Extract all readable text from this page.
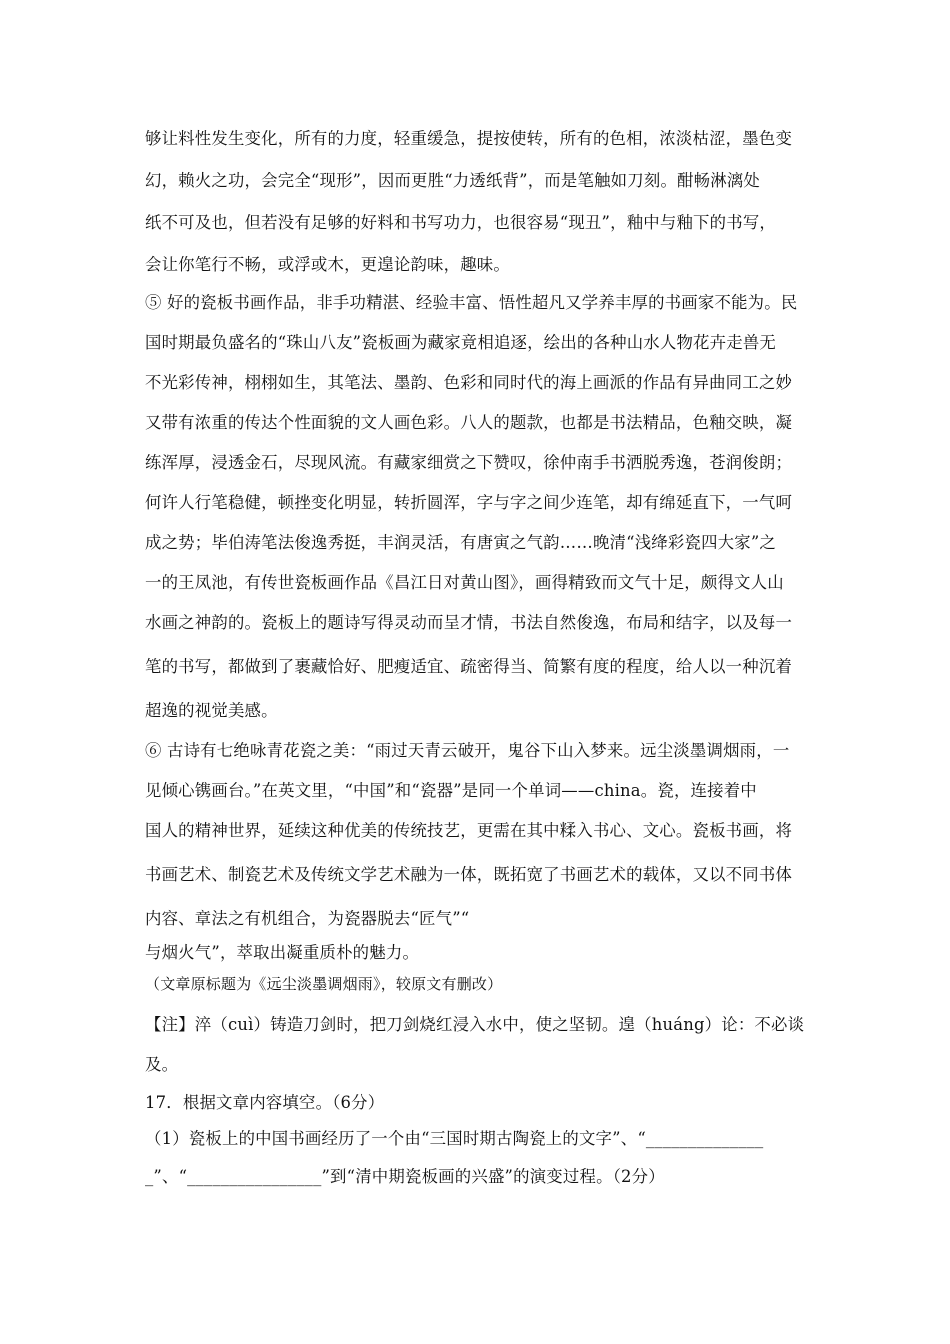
够让料性发生变化，所有的力度，轻重缓急，提按使转，所有的色相，浓淡枯涩，墨色变
幻，赖火之功，会完全“现形”，因而更胜“力透纸背”，而是笔触如刀刻。酣畅淋漓处
纸不可及也，但若没有足够的好料和书写功力，也很容易“现丑”，釉中与釉下的书写，
会让你笔行不畅，或浮或木，更遑论韵味，趣味。
⑤ 好的瓷板书画作品，非手功精湛、经验丰富、悟性超凡又学养丰厚的书画家不能为。民
国时期最负盛名的“珠山八友”瓷板画为藏家竟相追逐，绘出的各种山水人物花卉走兽无
不光彩传神，栩栩如生，其笔法、墨韵、色彩和同时代的海上画派的作品有异曲同工之妙
又带有浓重的传达个性面貌的文人画色彩。八人的题款，也都是书法精品，色釉交映，凝
练浑厚，浸透金石，尽现风流。有藏家细赏之下赞叹，徐仲南手书洒脱秀逸，苍润俊朗；
何许人行笔稳健，顿挫变化明显，转折圆浑，字与字之间少连笔，却有绵延直下，一气呵
成之势；毕伯涛笔法俊逸秀挺，丰润灵活，有唐寅之气韵……晚清“浅绛彩瓷四大家”之
一的王凤池，有传世瓷板画作品《昌江日对黄山图》，画得精致而文气十足，颇得文人山
水画之神韵的。瓷板上的题诗写得灵动而呈才情，书法自然俊逸，布局和结字，以及每一
笔的书写，都做到了裹藏恰好、肥瘦适宜、疏密得当、简繁有度的程度，给人以一种沉着
超逸的视觉美感。
⑥ 古诗有七绝咏青花瓷之美：“雨过天青云破开，鬼谷下山入梦来。远尘淡墨调烟雨，一
见倾心镌画台。”在英文里，“中国”和“瓷器”是同一个单词——china。瓷，连接着中
国人的精神世界，延续这种优美的传统技艺，更需在其中糅入书心、文心。瓷板书画，将
书画艺术、制瓷艺术及传统文学艺术融为一体，既拓宽了书画艺术的载体，又以不同书体
内容、章法之有机组合，为瓷器脱去“匠气”“
与烟火气”，萃取出凝重质朴的魅力。
（文章原标题为《远尘淡墨调烟雨》，较原文有删改）
【注】淬（cuì）铸造刀剑时，把刀剑烧红浸入水中，使之坚韧。遑（huáng）论：不必谈
及。
17．根据文章内容填空。（6分）
（1）瓷板上的中国书画经历了一个由“三国时期古陶瓷上的文字”、“______________
_”、“________________”到“清中期瓷板画的兴盛”的演变过程。（2分）
